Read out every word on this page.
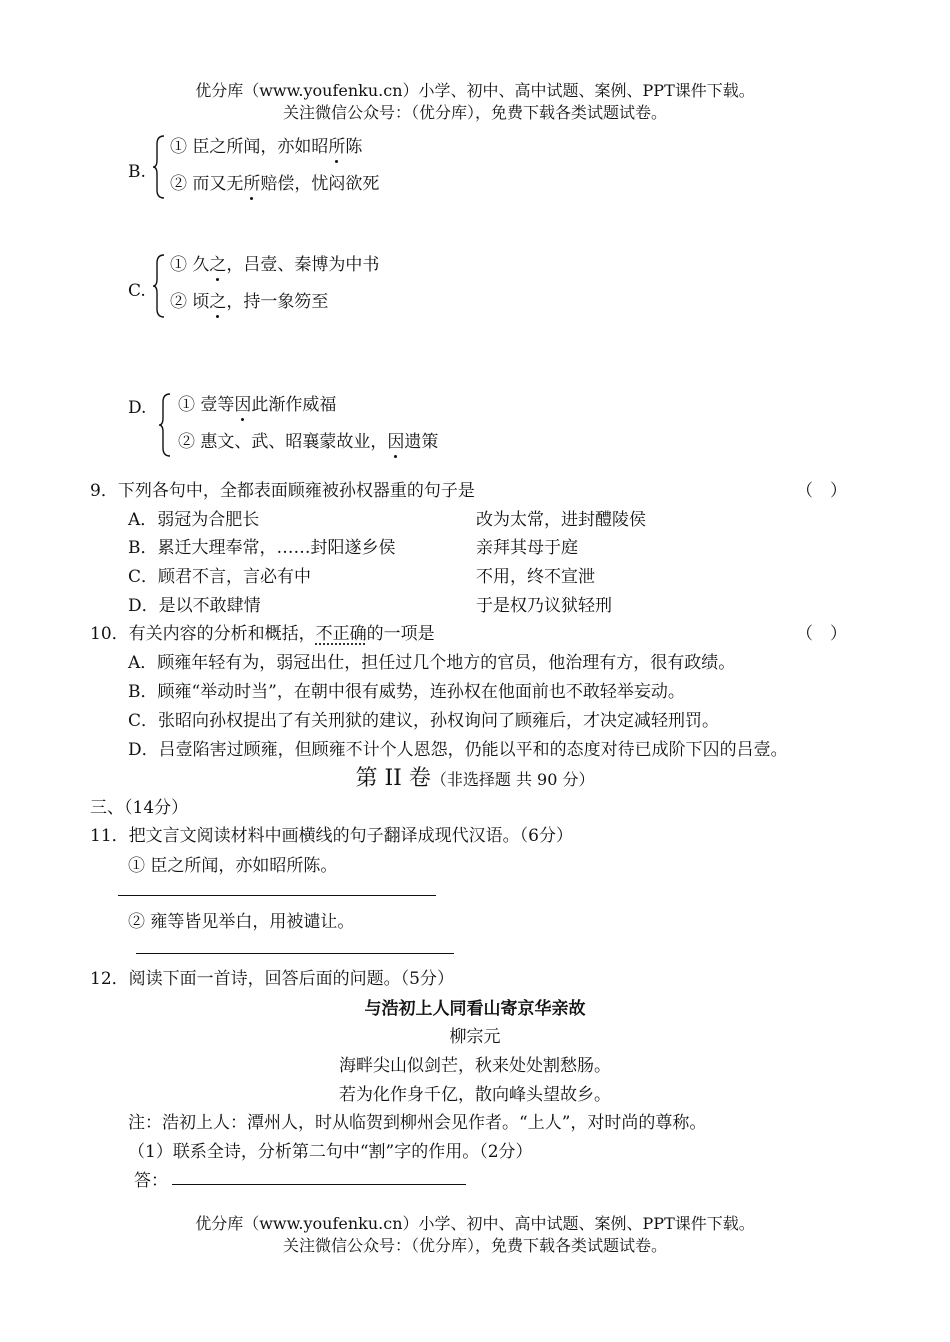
优分库（www.youfenku.cn）小学、初中、高中试题、案例、PPT课件下载。
关注微信公众号：（优分库），免费下载各类试题试卷。
B.
① 臣之所闻，亦如昭所陈
② 而又无所赔偿，忧闷欲死
C.
① 久之，吕壹、秦博为中书
② 顷之，持一象笏至
D. ① 壹等因此渐作威福
② 惠文、武、昭襄蒙故业，因遗策
9．下列各句中，全都表面顾雍被孙权器重的句子是	（　）
A．弱冠为合肥长	改为太常，进封醴陵侯
B．累迁大理奉常，……封阳遂乡侯	亲拜其母于庭
C．顾君不言，言必有中	不用，终不宣泄
D．是以不敢肆情	于是权乃议狱轻刑
10．有关内容的分析和概括，不正确的一项是	（　）
A．顾雍年轻有为，弱冠出仕，担任过几个地方的官员，他治理有方，很有政绩。
B．顾雍“举动时当”，在朝中很有威势，连孙权在他面前也不敢轻举妄动。
C．张昭向孙权提出了有关刑狱的建议，孙权询问了顾雍后，才决定减轻刑罚。
D．吕壹陷害过顾雍，但顾雍不计个人恩怨，仍能以平和的态度对待已成阶下囚的吕壹。
第 II 卷（非选择题 共 90 分）
三、（14分）
11．把文言文阅读材料中画横线的句子翻译成现代汉语。（6分）
① 臣之所闻，亦如昭所陈。
② 雍等皆见举白，用被谴让。
12．阅读下面一首诗，回答后面的问题。（5分）
与浩初上人同看山寄京华亲故
柳宗元
海畔尖山似剑芒，秋来处处割愁肠。
若为化作身千亿，散向峰头望故乡。
注：浩初上人：潭州人，时从临贺到柳州会见作者。“上人”，对时尚的尊称。
（1）联系全诗，分析第二句中“割”字的作用。（2分）
答：
优分库（www.youfenku.cn）小学、初中、高中试题、案例、PPT课件下载。
关注微信公众号：（优分库），免费下载各类试题试卷。
